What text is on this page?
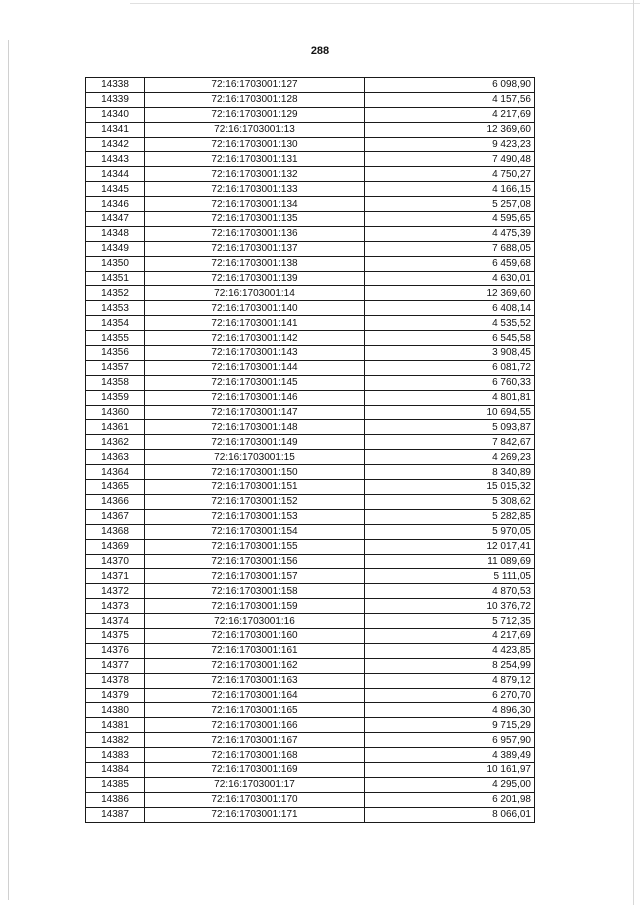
288
14338	72:16:1703001:127	6 098,90
14339	72:16:1703001:128	4 157,56
14340	72:16:1703001:129	4 217,69
14341	72:16:1703001:13	12 369,60
14342	72:16:1703001:130	9 423,23
14343	72:16:1703001:131	7 490,48
14344	72:16:1703001:132	4 750,27
14345	72:16:1703001:133	4 166,15
14346	72:16:1703001:134	5 257,08
14347	72:16:1703001:135	4 595,65
14348	72:16:1703001:136	4 475,39
14349	72:16:1703001:137	7 688,05
14350	72:16:1703001:138	6 459,68
14351	72:16:1703001:139	4 630,01
14352	72:16:1703001:14	12 369,60
14353	72:16:1703001:140	6 408,14
14354	72:16:1703001:141	4 535,52
14355	72:16:1703001:142	6 545,58
14356	72:16:1703001:143	3 908,45
14357	72:16:1703001:144	6 081,72
14358	72:16:1703001:145	6 760,33
14359	72:16:1703001:146	4 801,81
14360	72:16:1703001:147	10 694,55
14361	72:16:1703001:148	5 093,87
14362	72:16:1703001:149	7 842,67
14363	72:16:1703001:15	4 269,23
14364	72:16:1703001:150	8 340,89
14365	72:16:1703001:151	15 015,32
14366	72:16:1703001:152	5 308,62
14367	72:16:1703001:153	5 282,85
14368	72:16:1703001:154	5 970,05
14369	72:16:1703001:155	12 017,41
14370	72:16:1703001:156	11 089,69
14371	72:16:1703001:157	5 111,05
14372	72:16:1703001:158	4 870,53
14373	72:16:1703001:159	10 376,72
14374	72:16:1703001:16	5 712,35
14375	72:16:1703001:160	4 217,69
14376	72:16:1703001:161	4 423,85
14377	72:16:1703001:162	8 254,99
14378	72:16:1703001:163	4 879,12
14379	72:16:1703001:164	6 270,70
14380	72:16:1703001:165	4 896,30
14381	72:16:1703001:166	9 715,29
14382	72:16:1703001:167	6 957,90
14383	72:16:1703001:168	4 389,49
14384	72:16:1703001:169	10 161,97
14385	72:16:1703001:17	4 295,00
14386	72:16:1703001:170	6 201,98
14387	72:16:1703001:171	8 066,01
